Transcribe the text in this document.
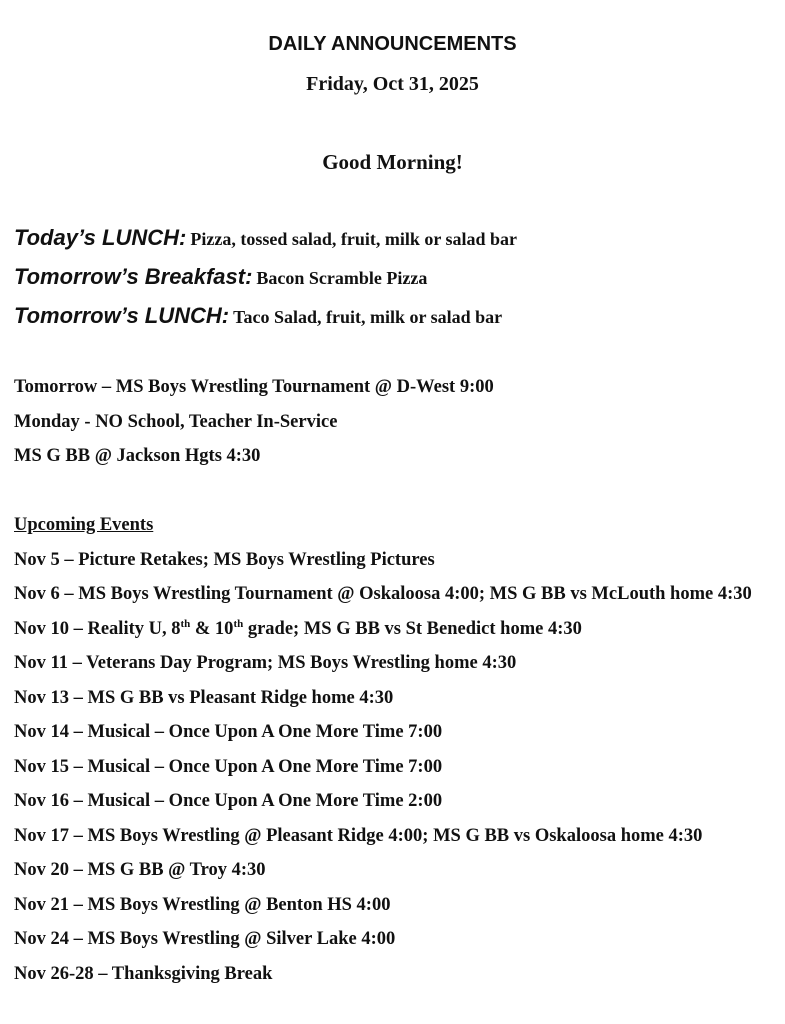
DAILY ANNOUNCEMENTS
Friday, Oct 31, 2025
Good Morning!
Today’s LUNCH: Pizza, tossed salad, fruit, milk or salad bar
Tomorrow’s Breakfast: Bacon Scramble Pizza
Tomorrow’s LUNCH: Taco Salad, fruit, milk or salad bar
Tomorrow – MS Boys Wrestling Tournament @ D-West 9:00
Monday - NO School, Teacher In-Service
MS G BB @ Jackson Hgts 4:30
Upcoming Events
Nov 5 – Picture Retakes; MS Boys Wrestling Pictures
Nov 6 – MS Boys Wrestling Tournament @ Oskaloosa 4:00; MS G BB vs McLouth home 4:30
Nov 10 – Reality U, 8th & 10th grade; MS G BB vs St Benedict home 4:30
Nov 11 – Veterans Day Program; MS Boys Wrestling home 4:30
Nov 13 – MS G BB vs Pleasant Ridge home 4:30
Nov 14 – Musical – Once Upon A One More Time 7:00
Nov 15 – Musical – Once Upon A One More Time 7:00
Nov 16 – Musical – Once Upon A One More Time 2:00
Nov 17 – MS Boys Wrestling @ Pleasant Ridge 4:00; MS G BB vs Oskaloosa home 4:30
Nov 20 – MS G BB @ Troy 4:30
Nov 21 – MS Boys Wrestling @ Benton HS 4:00
Nov 24 – MS Boys Wrestling @ Silver Lake 4:00
Nov 26-28 – Thanksgiving Break
